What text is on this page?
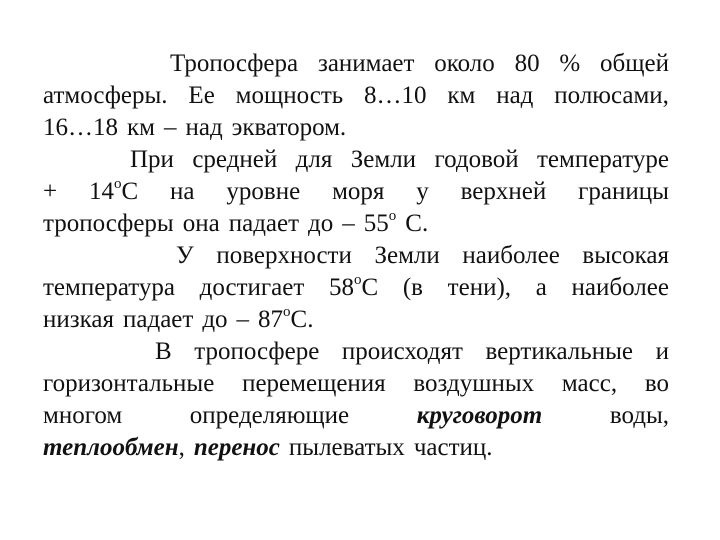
Тропосфера занимает около 80 % общей
атмосферы. Ее мощность 8…10 км над полюсами,
16…18 км – над экватором.
При средней для Земли годовой температуре
+ $14^oС$ на уровне моря у верхней границы
тропосферы она падает до – 55$^o$ С.
У поверхности Земли наиболее высокая
температура достигает 58$^o$С (в тени), а наиболее
низкая падает до – 87$^o$С.
В тропосфере происходят вертикальные и
горизонтальные перемещения воздушных масс, во
многом	определяющие	круговорот	воды,
теплообмен, перенос пылеватых частиц.
